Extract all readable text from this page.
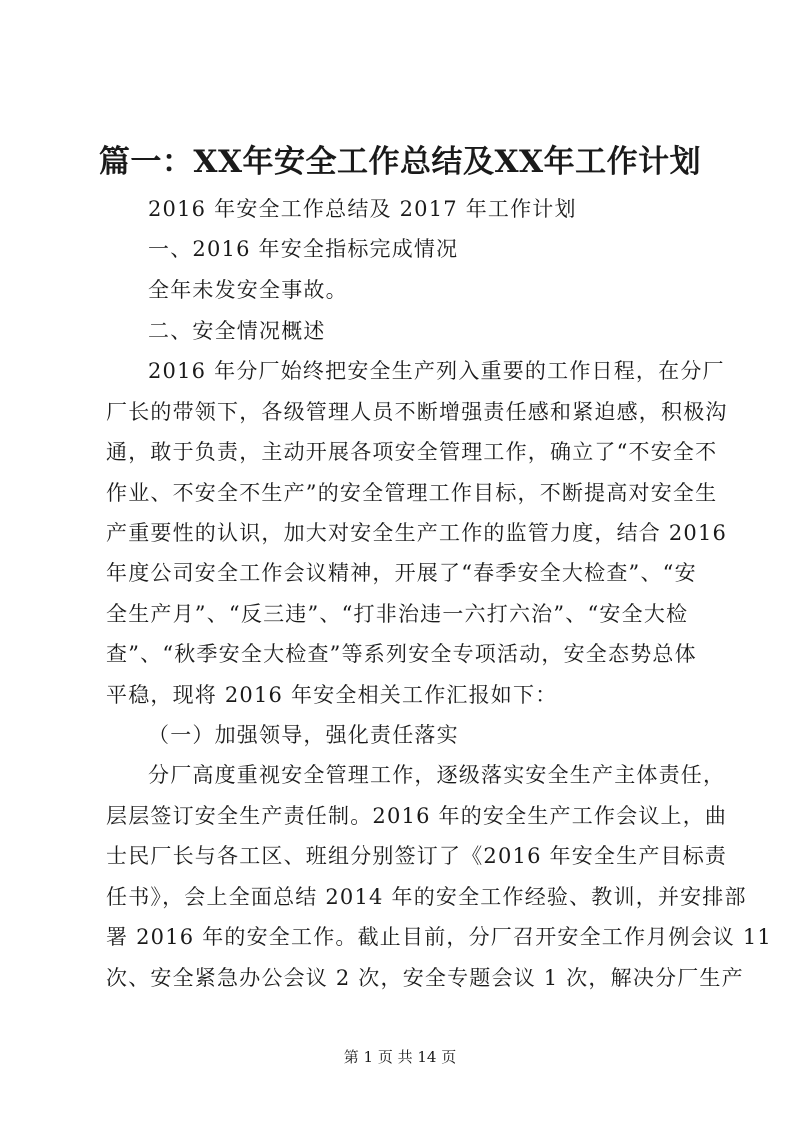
篇一：XX年安全工作总结及XX年工作计划
2016 年安全工作总结及 2017 年工作计划
一、2016 年安全指标完成情况
全年未发安全事故。
二、安全情况概述
2016 年分厂始终把安全生产列入重要的工作日程，在分厂
厂长的带领下，各级管理人员不断增强责任感和紧迫感，积极沟
通，敢于负责，主动开展各项安全管理工作，确立了“不安全不
作业、不安全不生产”的安全管理工作目标，不断提高对安全生
产重要性的认识，加大对安全生产工作的监管力度，结合 2016
年度公司安全工作会议精神，开展了“春季安全大检查”、“安
全生产月”、“反三违”、“打非治违一六打六治”、“安全大检
查”、“秋季安全大检查”等系列安全专项活动，安全态势总体
平稳，现将 2016 年安全相关工作汇报如下：
（一）加强领导，强化责任落实
分厂高度重视安全管理工作，逐级落实安全生产主体责任，
层层签订安全生产责任制。2016 年的安全生产工作会议上，曲
士民厂长与各工区、班组分别签订了《2016 年安全生产目标责
任书》，会上全面总结 2014 年的安全工作经验、教训，并安排部
署 2016 年的安全工作。截止目前，分厂召开安全工作月例会议 11
次、安全紧急办公会议 2 次，安全专题会议 1 次，解决分厂生产
第 1 页 共 14 页
